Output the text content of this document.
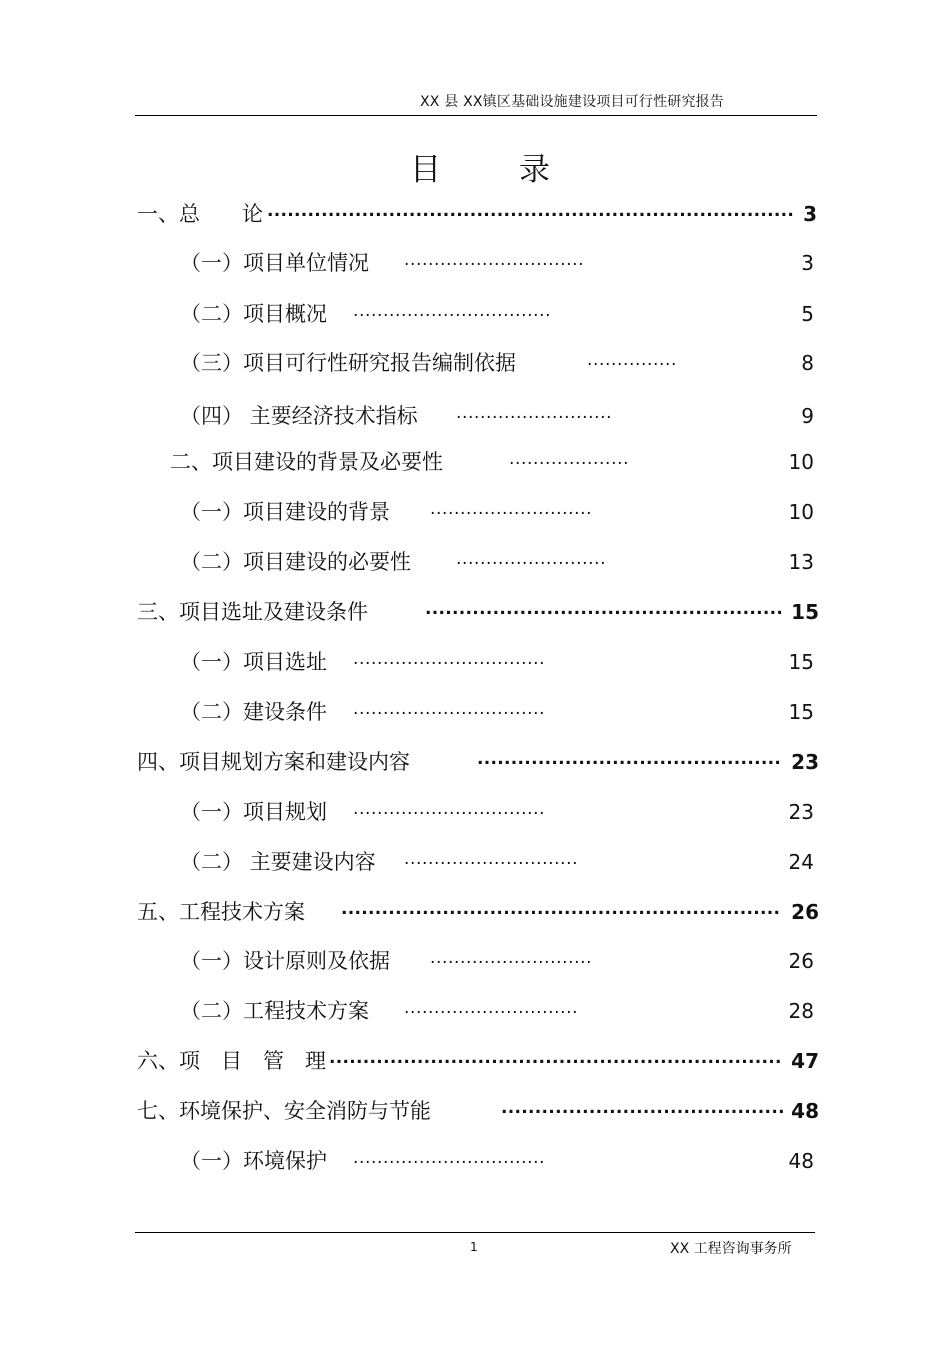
XX 县 XX镇区基础设施建设项目可行性研究报告
目	录
一、总　　论 .............................................................................. 3
（一）项目单位情况 ..............................	3
（二）项目概况 .................................	5
（三）项目可行性研究报告编制依据	...............	8
（四） 主要经济技术指标 ..........................	9
二、项目建设的背景及必要性	....................	10
（一）项目建设的背景 ...........................	10
（二）项目建设的必要性	.........................	13
三、项目选址及建设条件	..................................................... 15
（一）项目选址 ................................	15
（二）建设条件 ................................	15
四、项目规划方案和建设内容	............................................. 23
（一）项目规划 ................................	23
（二） 主要建设内容 .............................	24
五、工程技术方案 ................................................................. 26
（一）设计原则及依据 ...........................	26
（二）工程技术方案 .............................	28
六、项　目　管　理 ................................................................... 47
七、环境保护、安全消防与节能	.......................................... 48
（一）环境保护 ................................	48
1	XX 工程咨询事务所
